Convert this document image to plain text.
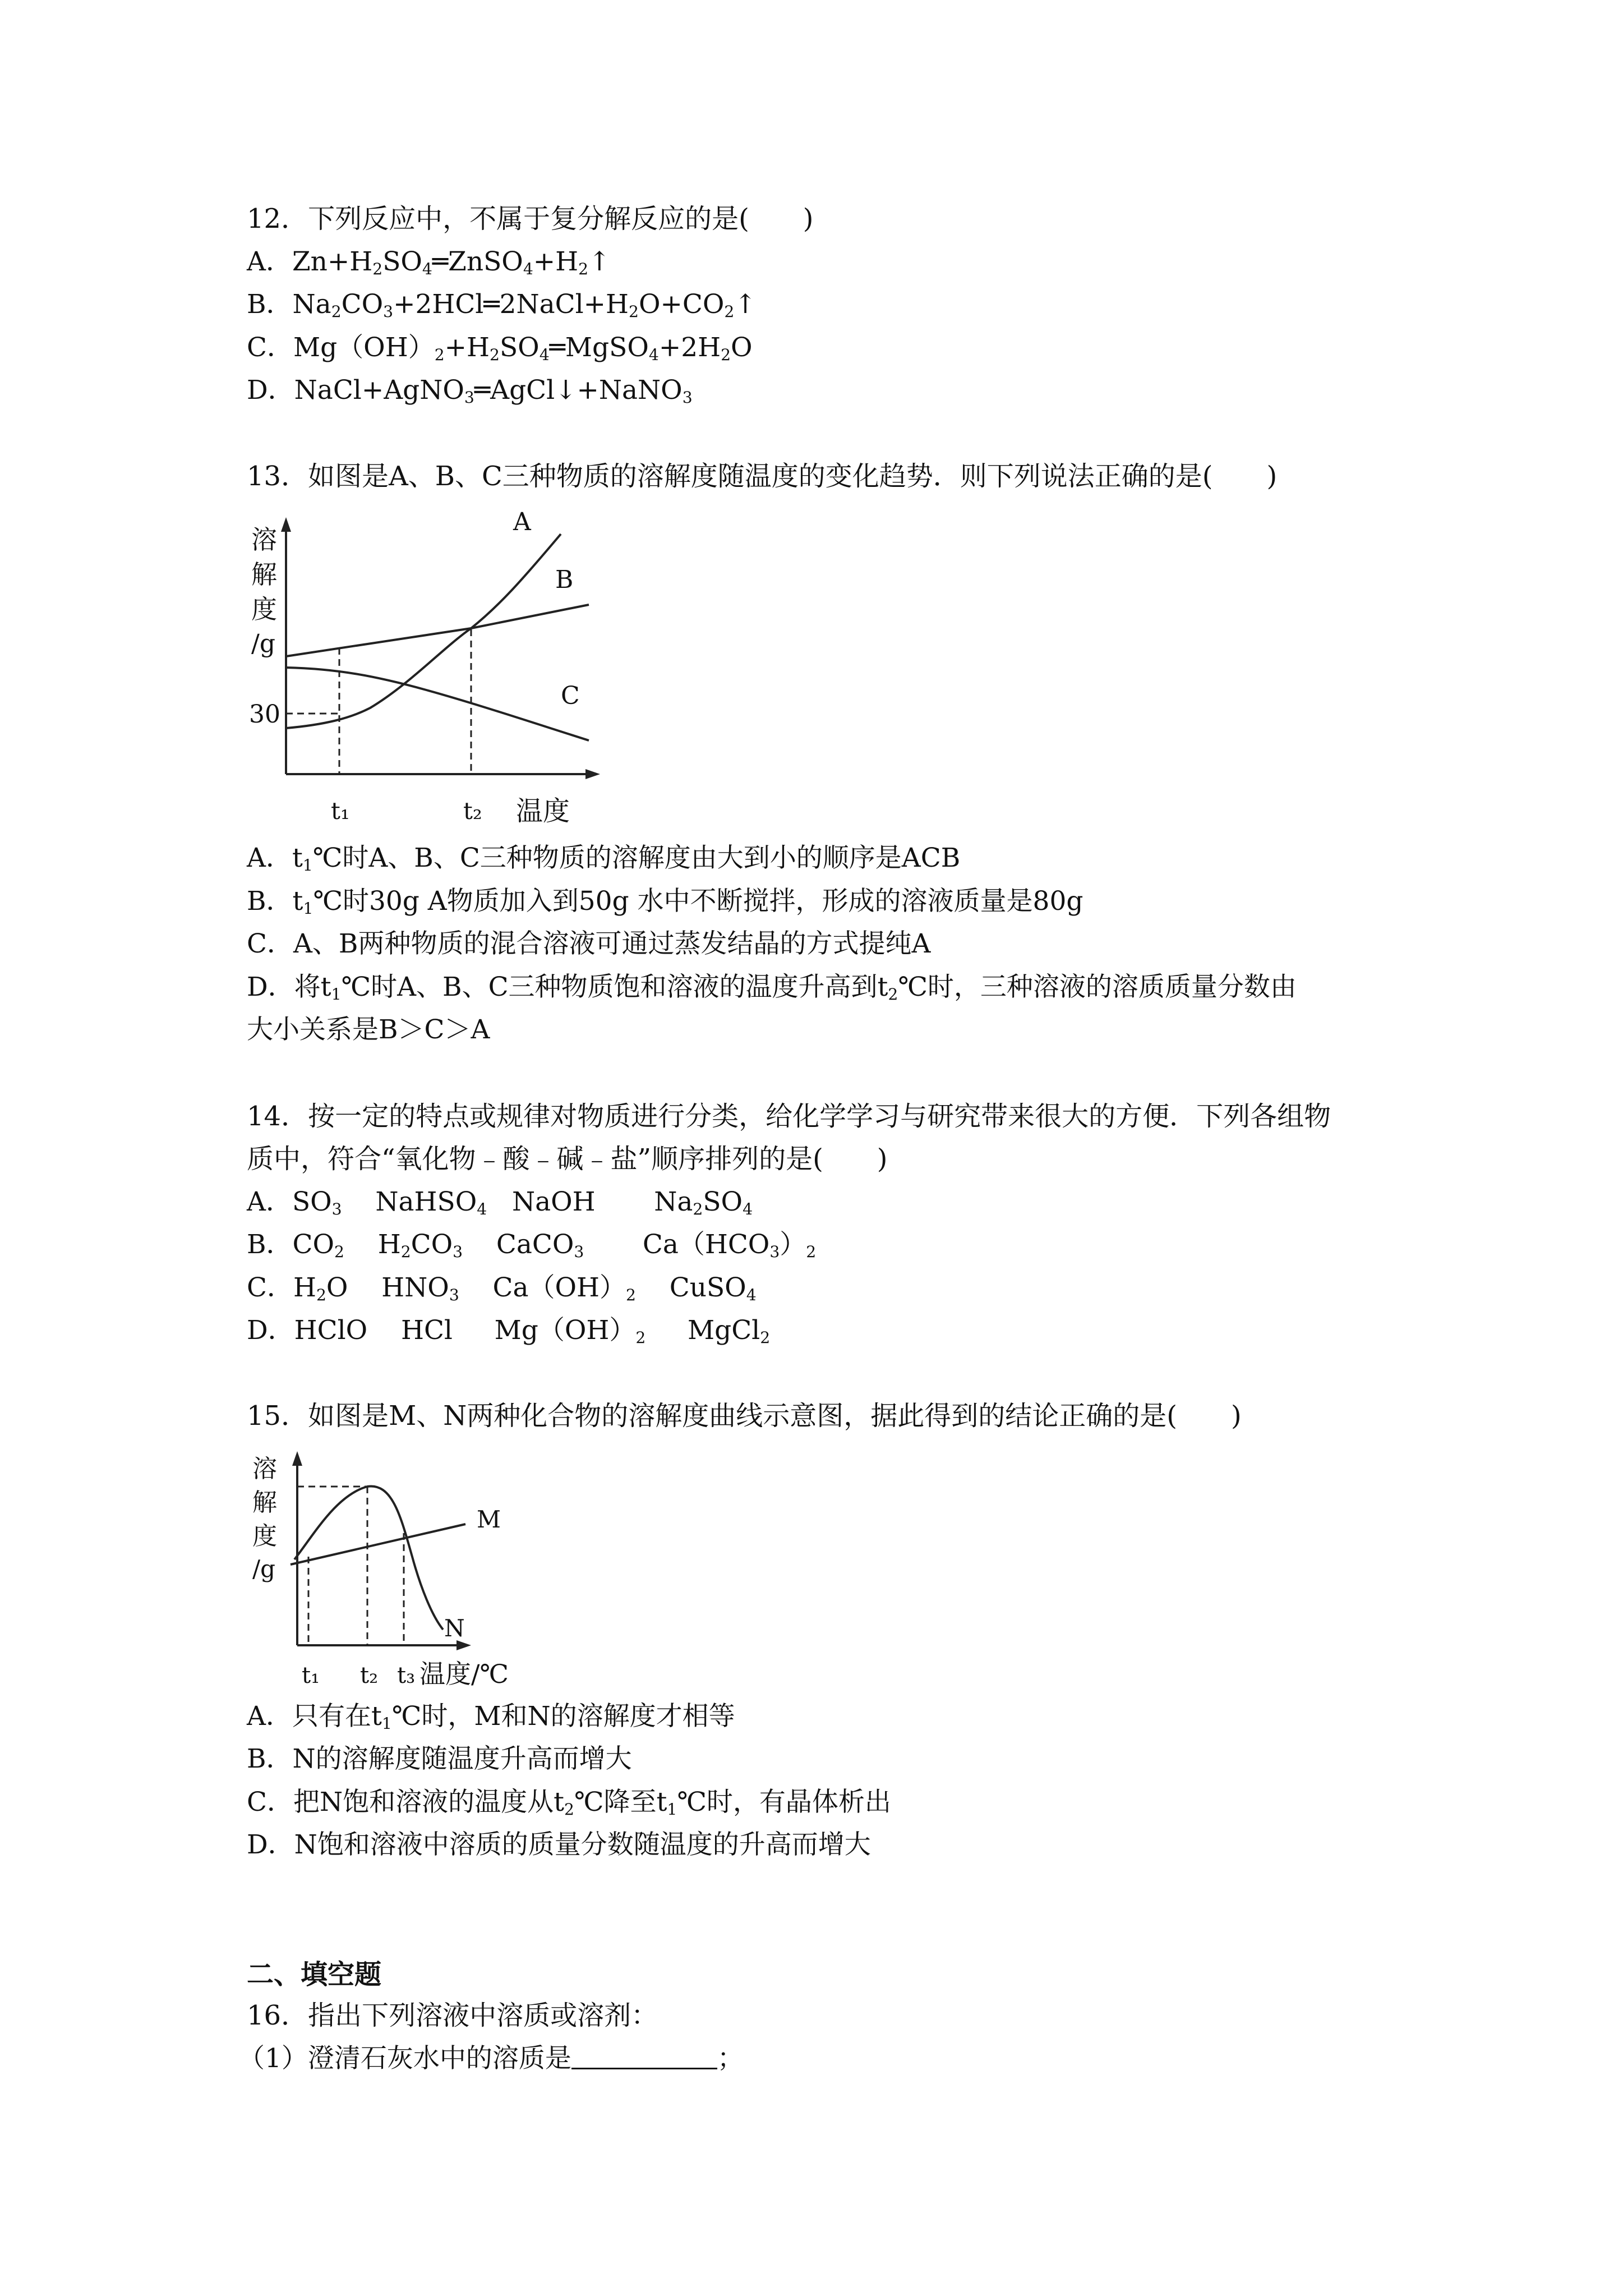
12．下列反应中，不属于复分解反应的是(　　)
A．$Zn+H_2SO_4═ZnSO_4+H_2↑$
B．$Na_2CO_3+2HCl═2NaCl+H_2O+CO_2↑$
C．$Mg(OH)_2+H_2SO_4═MgSO_4+2H_2O$
D．NaCl+AgNO$_3$═AgCl↓+NaNO$_3$
13．如图是A、B、C三种物质的溶解度随温度的变化趋势．则下列说法正确的是(　　)
溶
解
度
/g
30
t₁	t₂ 温度
A
B
C
A．$t_1℃$时A、B、C三种物质的溶解度由大到小的顺序是ACB
B．$t_1℃$时30g A物质加入到50g 水中不断搅拌，形成的溶液质量是80g
C．A、B两种物质的混合溶液可通过蒸发结晶的方式提纯A
D．将$t_1℃$时A、B、C三种物质饱和溶液的温度升高到$t_2℃$时，三种溶液的溶质质量分数由
大小关系是B＞C＞A
14．按一定的特点或规律对物质进行分类，给化学学习与研究带来很大的方便．下列各组物
质中，符合“氧化物﹣酸﹣碱﹣盐”顺序排列的是(　　)
A．$SO_3$    NaHSO$_4$   NaOH       $Na_2SO_4$
B．$CO_2$    $H_2CO_3$    CaCO$_3$       $Ca(HCO_3)_2$
C．$H_2O$    $HNO_3$    $Ca(OH)_2$    CuSO$_4$
D．HClO    HCl     $Mg(OH)_2$     MgCl$_2$
15．如图是M、N两种化合物的溶解度曲线示意图，据此得到的结论正确的是(　　)
溶
解
度
/g
t₁ t₂ t₃ 温度/℃
M
N
A．只有在$t_1℃$时，M和N的溶解度才相等
B．N的溶解度随温度升高而增大
C．把N饱和溶液的温度从$t_2℃$降至$t_1℃$时，有晶体析出
D．N饱和溶液中溶质的质量分数随温度的升高而增大
二、填空题
16．指出下列溶液中溶质或溶剂：
（1）澄清石灰水中的溶质是	；
